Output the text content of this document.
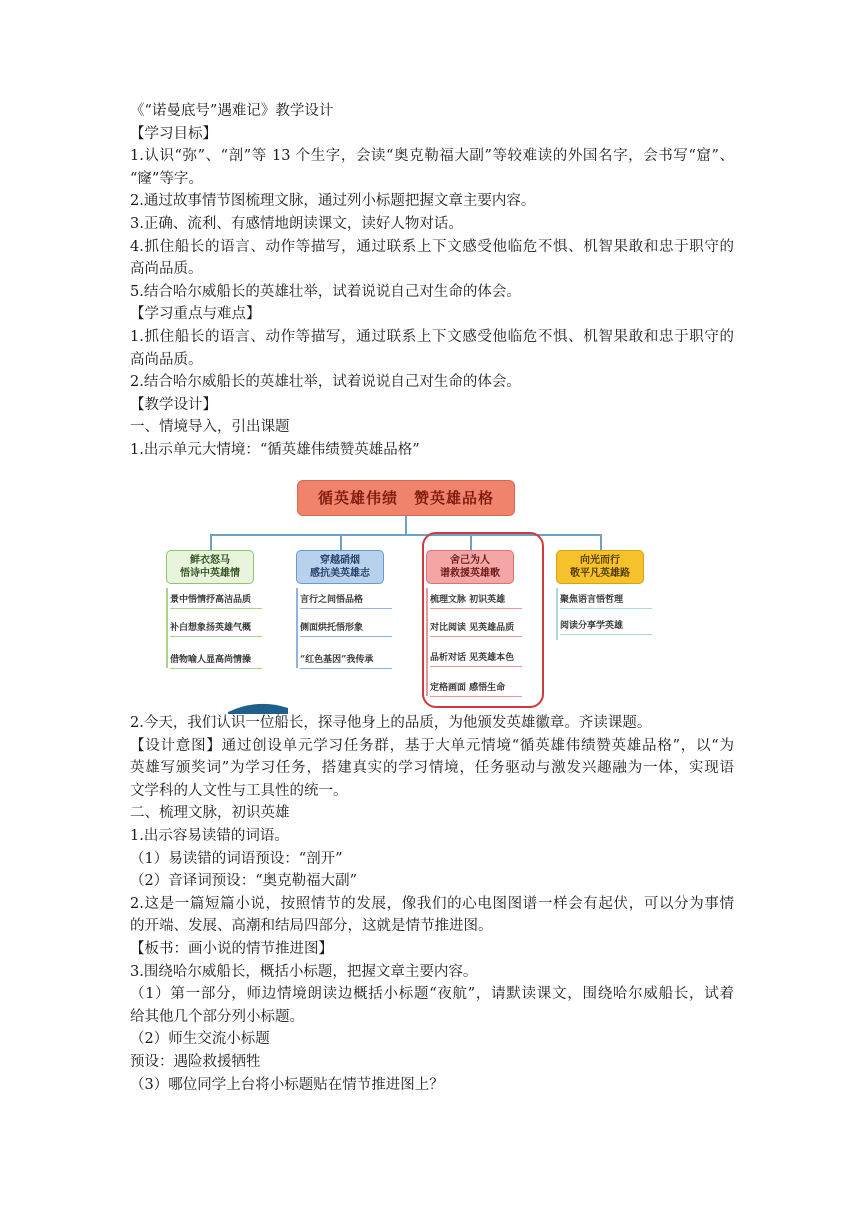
《“诺曼底号”遇难记》教学设计
【学习目标】
1.认识“弥”、“剖”等 13 个生字，会读“奥克勒福大副”等较难读的外国名字，会书写“窟”、
“窿”等字。
2.通过故事情节图梳理文脉，通过列小标题把握文章主要内容。
3.正确、流利、有感情地朗读课文，读好人物对话。
4.抓住船长的语言、动作等描写，通过联系上下文感受他临危不惧、机智果敢和忠于职守的
高尚品质。
5.结合哈尔威船长的英雄壮举，试着说说自己对生命的体会。
【学习重点与难点】
1.抓住船长的语言、动作等描写，通过联系上下文感受他临危不惧、机智果敢和忠于职守的
高尚品质。
2.结合哈尔威船长的英雄壮举，试着说说自己对生命的体会。
【教学设计】
一、情境导入，引出课题
1.出示单元大情境：“循英雄伟绩赞英雄品格”
循英雄伟绩 赞英雄品格
鲜衣怒马
悟诗中英雄情
穿越硝烟
感抗美英雄志
舍己为人
谱救援英雄歌
向光而行
敬平凡英雄路
景中悟情抒高洁品质
补白想象扬英雄气概
借物喻人显高尚情操
言行之间悟品格
侧面烘托悟形象
“红色基因”我传承
梳理文脉 初识英雄
对比阅读 见英雄品质
品析对话 见英雄本色
定格画面 感悟生命
聚焦语言悟哲理
阅读分享学英雄
2.今天，我们认识一位船长，探寻他身上的品质，为他颁发英雄徽章。齐读课题。
【设计意图】通过创设单元学习任务群，基于大单元情境“循英雄伟绩赞英雄品格”，以“为
英雄写颁奖词”为学习任务，搭建真实的学习情境，任务驱动与激发兴趣融为一体，实现语
文学科的人文性与工具性的统一。
二、梳理文脉，初识英雄
1.出示容易读错的词语。
（1）易读错的词语预设：“剖开”
（2）音译词预设：“奥克勒福大副”
2.这是一篇短篇小说，按照情节的发展，像我们的心电图图谱一样会有起伏，可以分为事情
的开端、发展、高潮和结局四部分，这就是情节推进图。
【板书：画小说的情节推进图】
3.围绕哈尔威船长，概括小标题，把握文章主要内容。
（1）第一部分，师边情境朗读边概括小标题“夜航”，请默读课文，围绕哈尔威船长，试着
给其他几个部分列小标题。
（2）师生交流小标题
预设：遇险救援牺牲
（3）哪位同学上台将小标题贴在情节推进图上？
